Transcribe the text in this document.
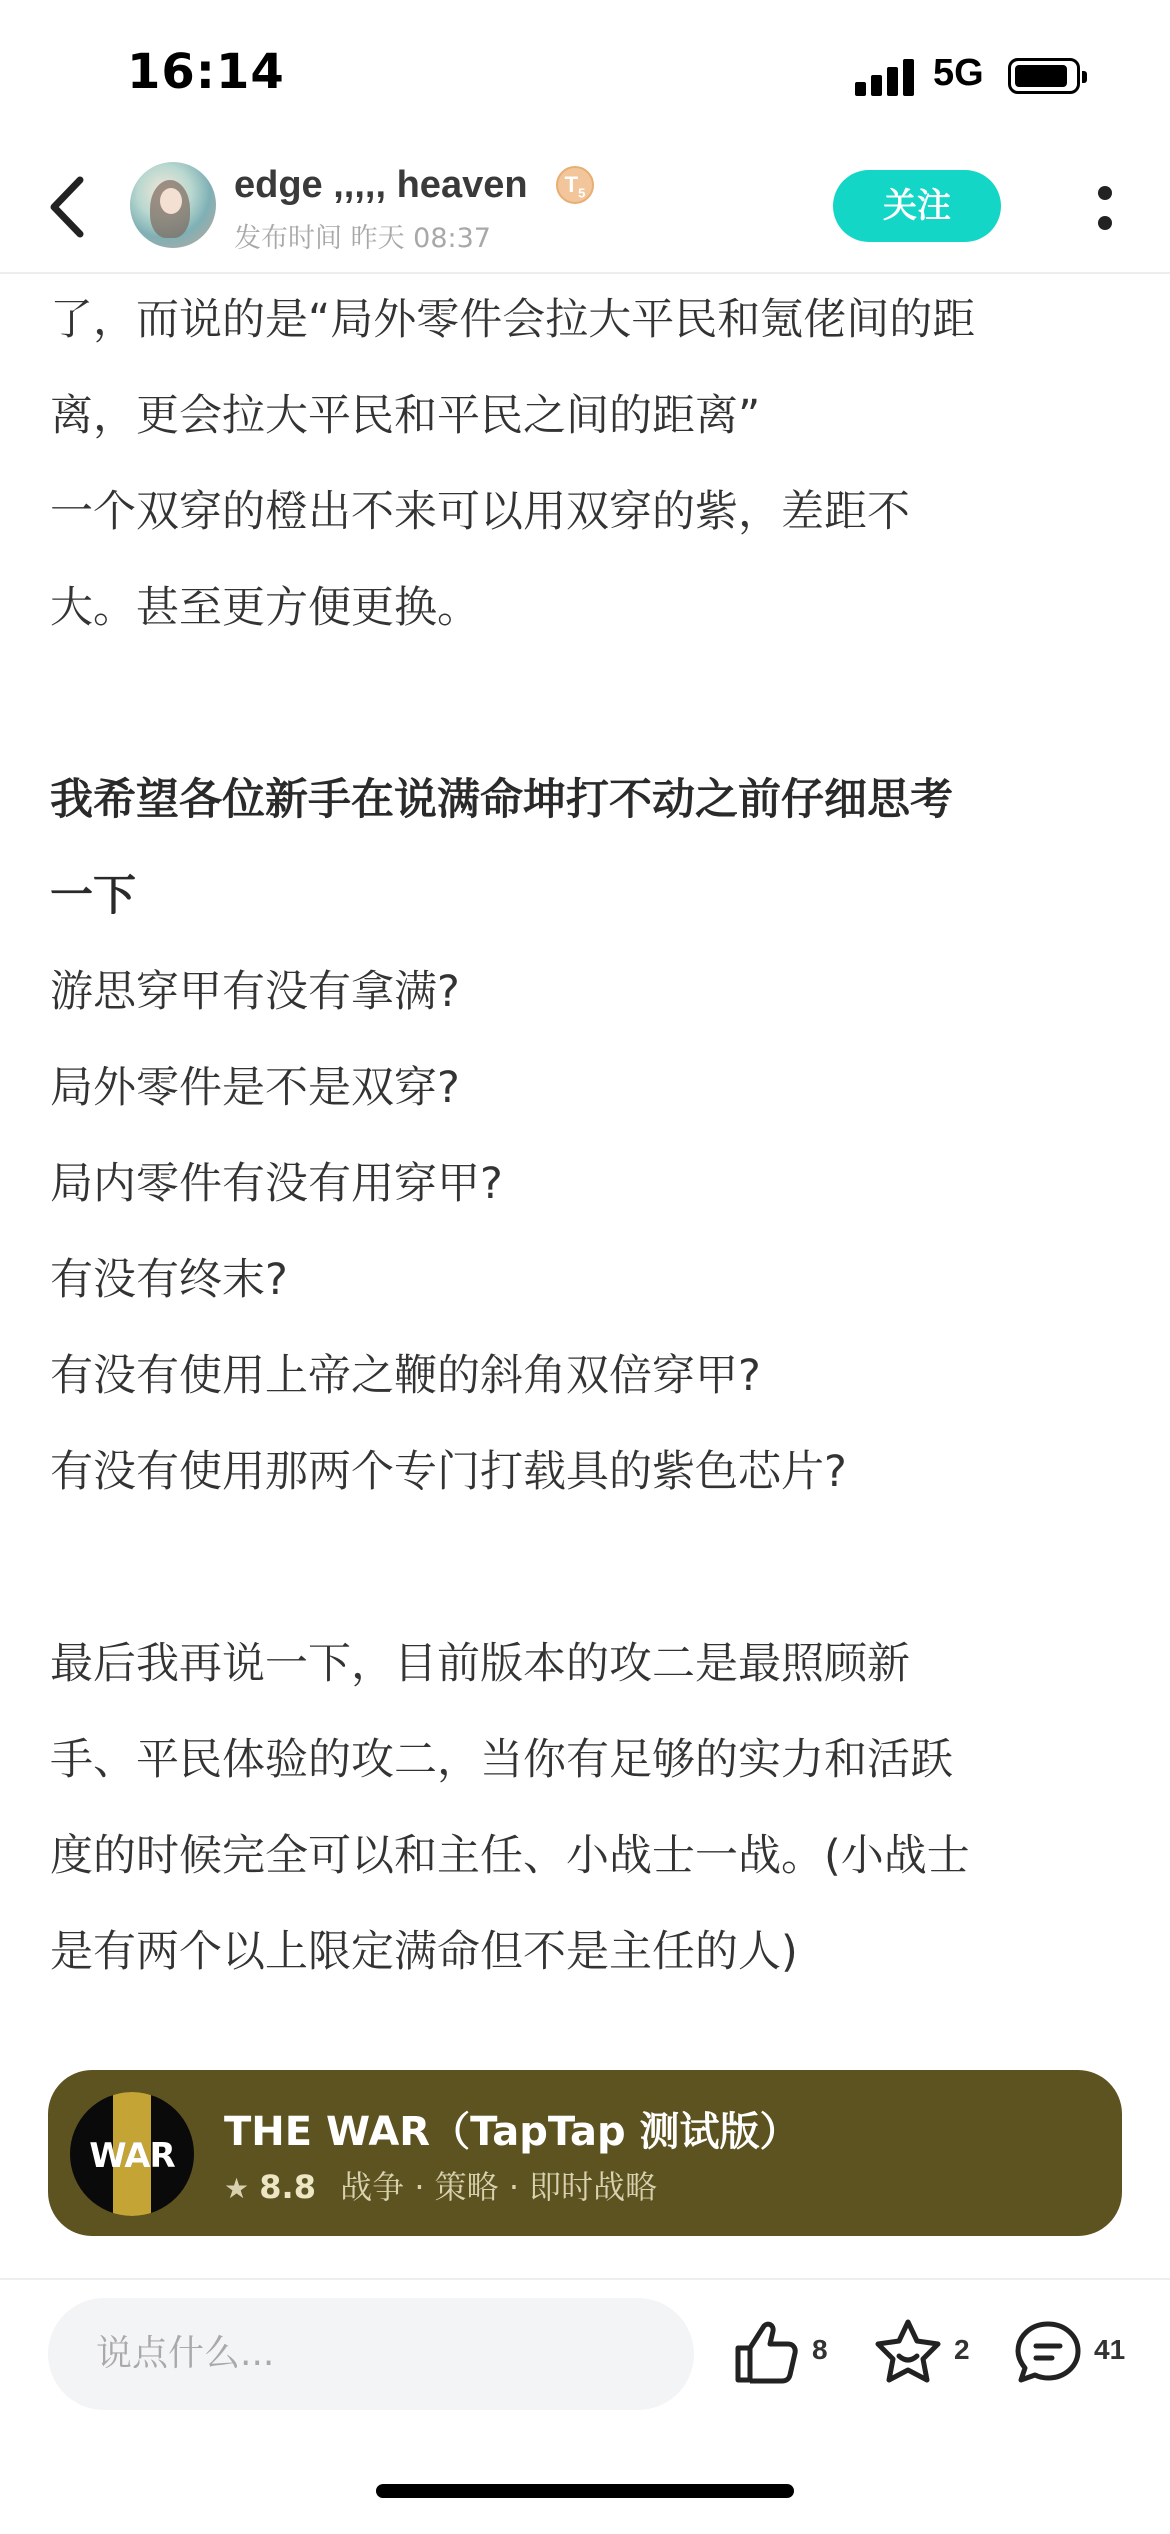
16:14	5G
edge ,,,,, heaven	$T_5$
发布时间 昨天 08:37
关注
了，而说的是“局外零件会拉大平民和氪佬间的距
离，更会拉大平民和平民之间的距离”
一个双穿的橙出不来可以用双穿的紫，差距不
大。甚至更方便更换。
我希望各位新手在说满命坤打不动之前仔细思考
一下
游思穿甲有没有拿满?
局外零件是不是双穿?
局内零件有没有用穿甲?
有没有终末?
有没有使用上帝之鞭的斜角双倍穿甲?
有没有使用那两个专门打载具的紫色芯片?
最后我再说一下，目前版本的攻二是最照顾新
手、平民体验的攻二，当你有足够的实力和活跃
度的时候完全可以和主任、小战士一战。(小战士
是有两个以上限定满命但不是主任的人)
WAR
THE WAR（TapTap 测试版）
★ 8.8 战争 · 策略 · 即时战略
说点什么...	8	2	41
